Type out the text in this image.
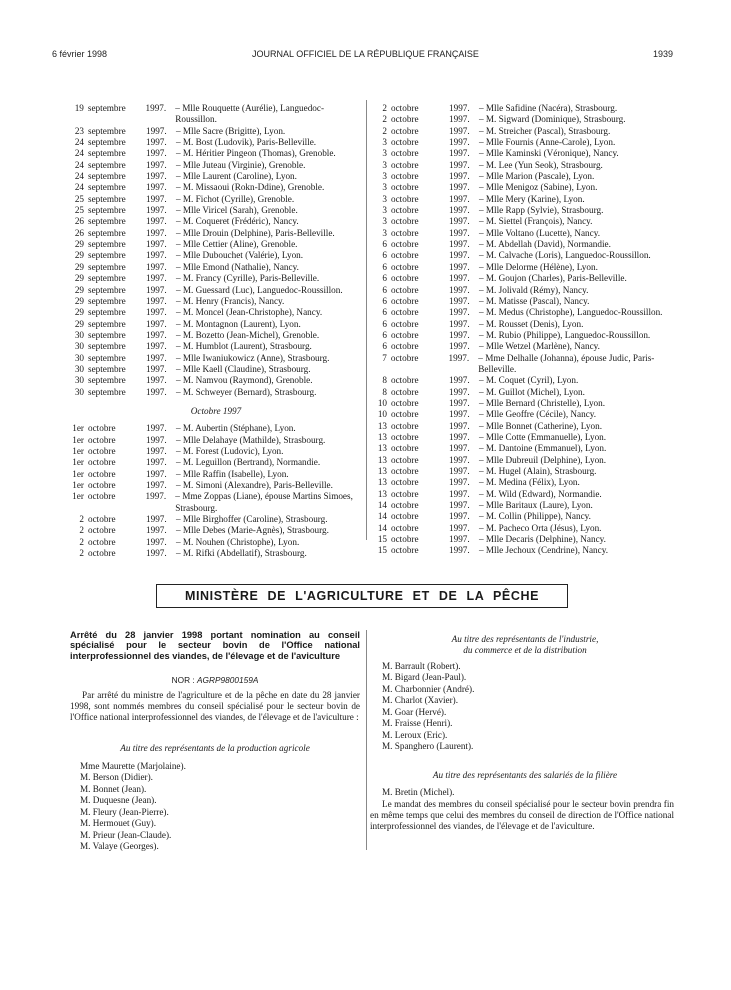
6 février 1998	JOURNAL OFFICIEL DE LA RÉPUBLIQUE FRANÇAISE	1939
19 septembre	1997. – Mlle Rouquette (Aurélie), Languedoc-Roussillon.
23 septembre	1997.	– Mlle Sacre (Brigitte), Lyon.
24 septembre	1997.	– M. Bost (Ludovik), Paris-Belleville.
24 septembre	1997.	– M. Héritier Pingeon (Thomas), Grenoble.
24 septembre	1997.	– Mlle Juteau (Virginie), Grenoble.
24 septembre	1997.	– Mlle Laurent (Caroline), Lyon.
24 septembre	1997.	– M. Missaoui (Rokn-Ddine), Grenoble.
25 septembre	1997.	– M. Fichot (Cyrille), Grenoble.
25 septembre	1997.	– Mlle Viricel (Sarah), Grenoble.
26 septembre	1997.	– M. Coqueret (Frédéric), Nancy.
26 septembre	1997.	– Mlle Drouin (Delphine), Paris-Belleville.
29 septembre	1997.	– Mlle Cettier (Aline), Grenoble.
29 septembre	1997.	– Mlle Dubouchet (Valérie), Lyon.
29 septembre	1997.	– Mlle Emond (Nathalie), Nancy.
29 septembre	1997.	– M. Francy (Cyrille), Paris-Belleville.
29 septembre	1997.	– M. Guessard (Luc), Languedoc-Roussillon.
29 septembre	1997.	– M. Henry (Francis), Nancy.
29 septembre	1997.	– M. Moncel (Jean-Christophe), Nancy.
29 septembre	1997.	– M. Montagnon (Laurent), Lyon.
30 septembre	1997.	– M. Bozetto (Jean-Michel), Grenoble.
30 septembre	1997.	– M. Humblot (Laurent), Strasbourg.
30 septembre	1997.	– Mlle Iwaniukowicz (Anne), Strasbourg.
30 septembre	1997.	– Mlle Kaell (Claudine), Strasbourg.
30 septembre	1997.	– M. Namvou (Raymond), Grenoble.
30 septembre	1997.	– M. Schweyer (Bernard), Strasbourg.
Octobre 1997
1er octobre	1997.	– M. Aubertin (Stéphane), Lyon.
1er octobre	1997.	– Mlle Delahaye (Mathilde), Strasbourg.
1er octobre	1997.	– M. Forest (Ludovic), Lyon.
1er octobre	1997.	– M. Leguillon (Bertrand), Normandie.
1er octobre	1997.	– Mlle Raffin (Isabelle), Lyon.
1er octobre	1997.	– M. Simoni (Alexandre), Paris-Belleville.
1er octobre	1997. – Mme Zoppas (Liane), épouse Martins Simoes, Strasbourg.
2 octobre	1997.	– Mlle Birghoffer (Caroline), Strasbourg.
2 octobre	1997.	– Mlle Debes (Marie-Agnès), Strasbourg.
2 octobre	1997.	– M. Nouhen (Christophe), Lyon.
2 octobre	1997.	– M. Rifki (Abdellatif), Strasbourg.
2 octobre	1997.	– Mlle Safidine (Nacéra), Strasbourg.
2 octobre	1997.	– M. Sigward (Dominique), Strasbourg.
2 octobre	1997.	– M. Streicher (Pascal), Strasbourg.
3 octobre	1997.	– Mlle Fournis (Anne-Carole), Lyon.
3 octobre	1997.	– Mlle Kaminski (Véronique), Nancy.
3 octobre	1997.	– M. Lee (Yun Seok), Strasbourg.
3 octobre	1997.	– Mlle Marion (Pascale), Lyon.
3 octobre	1997.	– Mlle Menigoz (Sabine), Lyon.
3 octobre	1997.	– Mlle Mery (Karine), Lyon.
3 octobre	1997.	– Mlle Rapp (Sylvie), Strasbourg.
3 octobre	1997.	– M. Siettel (François), Nancy.
3 octobre	1997.	– Mlle Voltano (Lucette), Nancy.
6 octobre	1997.	– M. Abdellah (David), Normandie.
6 octobre	1997.	– M. Calvache (Loris), Languedoc-Roussillon.
6 octobre	1997.	– Mlle Delorme (Hélène), Lyon.
6 octobre	1997.	– M. Goujon (Charles), Paris-Belleville.
6 octobre	1997.	– M. Jolivald (Rémy), Nancy.
6 octobre	1997.	– M. Matisse (Pascal), Nancy.
6 octobre	1997.	– M. Medus (Christophe), Languedoc-Roussillon.
6 octobre	1997.	– M. Rousset (Denis), Lyon.
6 octobre	1997.	– M. Rubio (Philippe), Languedoc-Roussillon.
6 octobre	1997.	– Mlle Wetzel (Marlène), Nancy.
7 octobre	1997. – Mme Delhalle (Johanna), épouse Judic, Paris-Belleville.
8 octobre	1997.	– M. Coquet (Cyril), Lyon.
8 octobre	1997.	– M. Guillot (Michel), Lyon.
10 octobre	1997.	– Mlle Bernard (Christelle), Lyon.
10 octobre	1997.	– Mlle Geoffre (Cécile), Nancy.
13 octobre	1997.	– Mlle Bonnet (Catherine), Lyon.
13 octobre	1997.	– Mlle Cotte (Emmanuelle), Lyon.
13 octobre	1997.	– M. Dantoine (Emmanuel), Lyon.
13 octobre	1997.	– Mlle Dubreuil (Delphine), Lyon.
13 octobre	1997.	– M. Hugel (Alain), Strasbourg.
13 octobre	1997.	– M. Medina (Félix), Lyon.
13 octobre	1997.	– M. Wild (Edward), Normandie.
14 octobre	1997.	– Mlle Baritaux (Laure), Lyon.
14 octobre	1997.	– M. Collin (Philippe), Nancy.
14 octobre	1997.	– M. Pacheco Orta (Jésus), Lyon.
15 octobre	1997.	– Mlle Decaris (Delphine), Nancy.
15 octobre	1997.	– Mlle Jechoux (Cendrine), Nancy.
MINISTÈRE DE L'AGRICULTURE ET DE LA PÊCHE
Arrêté du 28 janvier 1998 portant nomination au conseil spécialisé pour le secteur bovin de l'Office national interprofessionnel des viandes, de l'élevage et de l'aviculture
NOR : AGRP9800159A
Par arrêté du ministre de l'agriculture et de la pêche en date du 28 janvier 1998, sont nommés membres du conseil spécialisé pour le secteur bovin de l'Office national interprofessionnel des viandes, de l'élevage et de l'aviculture :
Au titre des représentants de la production agricole
Mme Maurette (Marjolaine).
M. Berson (Didier).
M. Bonnet (Jean).
M. Duquesne (Jean).
M. Fleury (Jean-Pierre).
M. Hermouet (Guy).
M. Prieur (Jean-Claude).
M. Valaye (Georges).
Au titre des représentants de l'industrie,
du commerce et de la distribution
M. Barrault (Robert).
M. Bigard (Jean-Paul).
M. Charbonnier (André).
M. Charlot (Xavier).
M. Goar (Hervé).
M. Fraisse (Henri).
M. Leroux (Eric).
M. Spanghero (Laurent).
Au titre des représentants des salariés de la filière
M. Bretin (Michel).
Le mandat des membres du conseil spécialisé pour le secteur bovin prendra fin en même temps que celui des membres du conseil de direction de l'Office national interprofessionnel des viandes, de l'élevage et de l'aviculture.
